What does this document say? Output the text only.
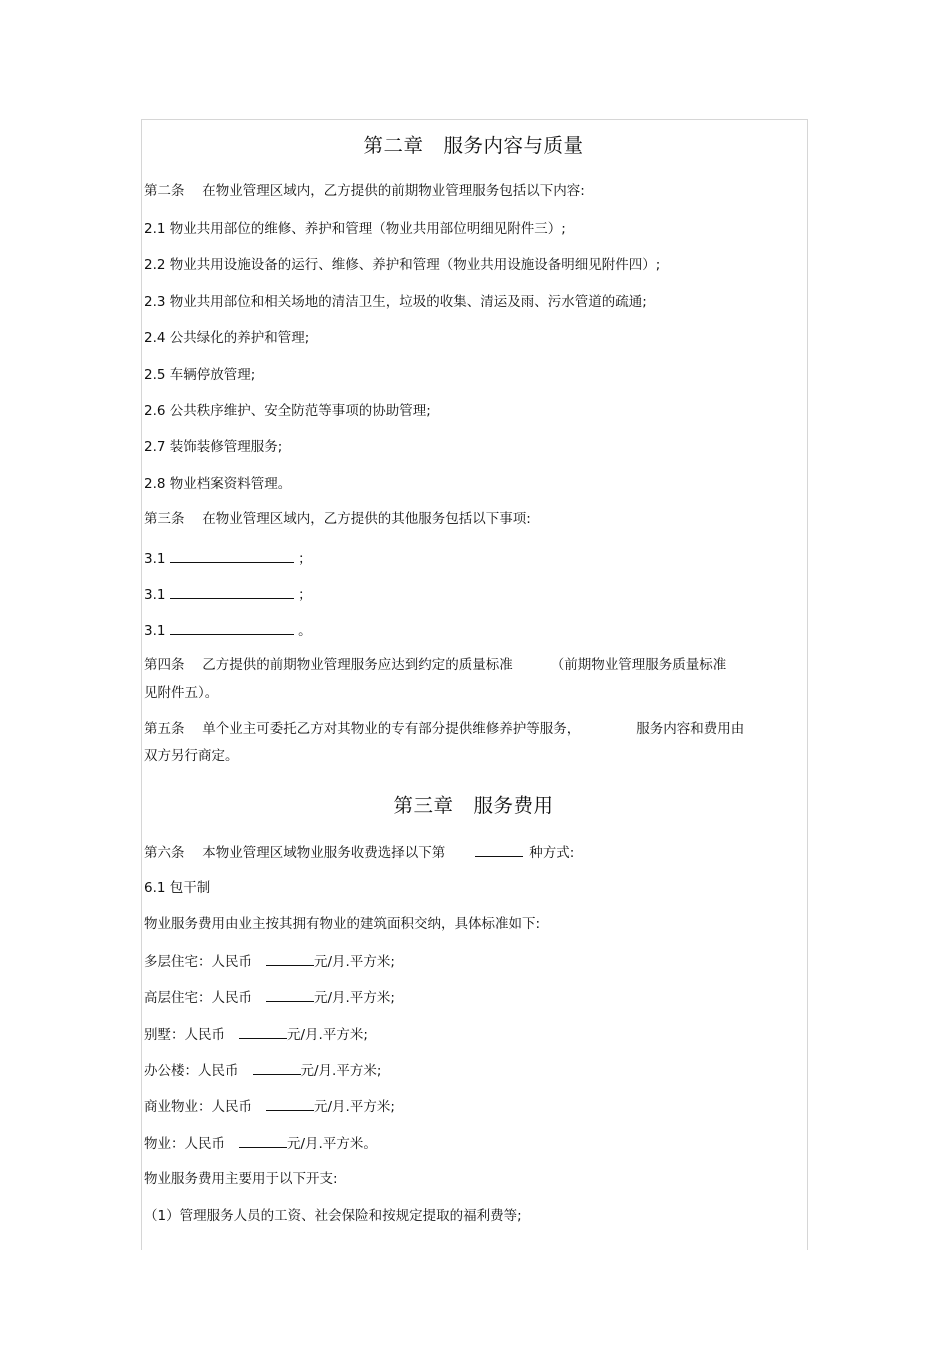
第二章　服务内容与质量
第二条　 在物业管理区域内，乙方提供的前期物业管理服务包括以下内容:
2.1 物业共用部位的维修、养护和管理（物业共用部位明细见附件三）;
2.2 物业共用设施设备的运行、维修、养护和管理（物业共用设施设备明细见附件四）;
2.3 物业共用部位和相关场地的清洁卫生，垃圾的收集、清运及雨、污水管道的疏通;
2.4 公共绿化的养护和管理;
2.5 车辆停放管理;
2.6 公共秩序维护、安全防范等事项的协助管理;
2.7 装饰装修管理服务;
2.8 物业档案资料管理。
第三条　 在物业管理区域内，乙方提供的其他服务包括以下事项:
3.1	；
3.1	；
3.1	。
第四条　 乙方提供的前期物业管理服务应达到约定的质量标准	（前期物业管理服务质量标准
见附件五）。
第五条　 单个业主可委托乙方对其物业的专有部分提供维修养护等服务，	服务内容和费用由
双方另行商定。
第三章　服务费用
第六条　 本物业管理区域物业服务收费选择以下第	种方式:
6.1 包干制
物业服务费用由业主按其拥有物业的建筑面积交纳，具体标准如下:
多层住宅：人民币	元/月.平方米;
高层住宅：人民币	元/月.平方米;
别墅：人民币	元/月.平方米;
办公楼：人民币	元/月.平方米;
商业物业：人民币	元/月.平方米;
物业：人民币	元/月.平方米。
物业服务费用主要用于以下开支:
（1）管理服务人员的工资、社会保险和按规定提取的福利费等;
